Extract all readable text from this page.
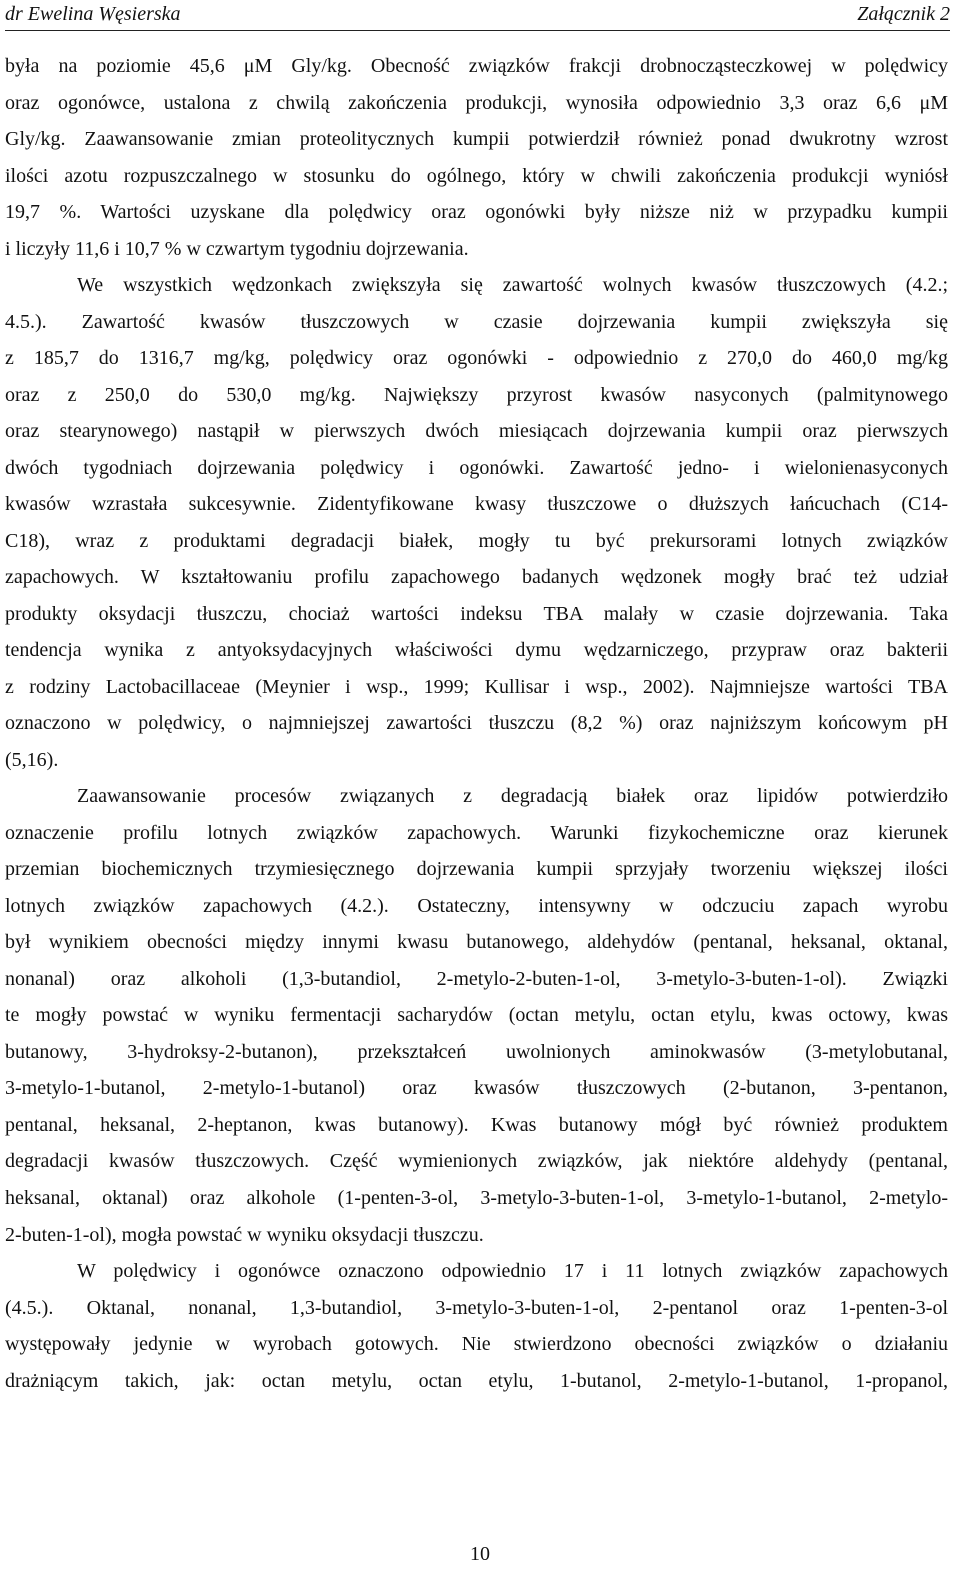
dr Ewelina Węsierska	Załącznik 2
była na poziomie 45,6 μM Gly/kg. Obecność związków frakcji drobnocząsteczkowej w polędwicy
oraz ogonówce, ustalona z chwilą zakończenia produkcji, wynosiła odpowiednio 3,3 oraz 6,6 μM
Gly/kg. Zaawansowanie zmian proteolitycznych kumpii potwierdził również ponad dwukrotny wzrost
ilości azotu rozpuszczalnego w stosunku do ogólnego, który w chwili zakończenia produkcji wyniósł
19,7 %. Wartości uzyskane dla polędwicy oraz ogonówki były niższe niż w przypadku kumpii
i liczyły 11,6 i 10,7 % w czwartym tygodniu dojrzewania.
We wszystkich wędzonkach zwiększyła się zawartość wolnych kwasów tłuszczowych (4.2.;
4.5.). Zawartość kwasów tłuszczowych w czasie dojrzewania kumpii zwiększyła się
z 185,7 do 1316,7 mg/kg, polędwicy oraz ogonówki - odpowiednio z 270,0 do 460,0 mg/kg
oraz z 250,0 do 530,0 mg/kg. Największy przyrost kwasów nasyconych (palmitynowego
oraz stearynowego) nastąpił w pierwszych dwóch miesiącach dojrzewania kumpii oraz pierwszych
dwóch tygodniach dojrzewania polędwicy i ogonówki. Zawartość jedno- i wielonienasyconych
kwasów wzrastała sukcesywnie. Zidentyfikowane kwasy tłuszczowe o dłuższych łańcuchach (C14-
C18), wraz z produktami degradacji białek, mogły tu być prekursorami lotnych związków
zapachowych. W kształtowaniu profilu zapachowego badanych wędzonek mogły brać też udział
produkty oksydacji tłuszczu, chociaż wartości indeksu TBA malały w czasie dojrzewania. Taka
tendencja wynika z antyoksydacyjnych właściwości dymu wędzarniczego, przypraw oraz bakterii
z rodziny Lactobacillaceae (Meynier i wsp., 1999; Kullisar i wsp., 2002). Najmniejsze wartości TBA
oznaczono w polędwicy, o najmniejszej zawartości tłuszczu (8,2 %) oraz najniższym końcowym pH
(5,16).
Zaawansowanie procesów związanych z degradacją białek oraz lipidów potwierdziło
oznaczenie profilu lotnych związków zapachowych. Warunki fizykochemiczne oraz kierunek
przemian biochemicznych trzymiesięcznego dojrzewania kumpii sprzyjały tworzeniu większej ilości
lotnych związków zapachowych (4.2.). Ostateczny, intensywny w odczuciu zapach wyrobu
był wynikiem obecności między innymi kwasu butanowego, aldehydów (pentanal, heksanal, oktanal,
nonanal) oraz alkoholi (1,3-butandiol, 2-metylo-2-buten-1-ol, 3-metylo-3-buten-1-ol). Związki
te mogły powstać w wyniku fermentacji sacharydów (octan metylu, octan etylu, kwas octowy, kwas
butanowy, 3-hydroksy-2-butanon), przekształceń uwolnionych aminokwasów (3-metylobutanal,
3-metylo-1-butanol, 2-metylo-1-butanol) oraz kwasów tłuszczowych (2-butanon, 3-pentanon,
pentanal, heksanal, 2-heptanon, kwas butanowy). Kwas butanowy mógł być również produktem
degradacji kwasów tłuszczowych. Część wymienionych związków, jak niektóre aldehydy (pentanal,
heksanal, oktanal) oraz alkohole (1-penten-3-ol, 3-metylo-3-buten-1-ol, 3-metylo-1-butanol, 2-metylo-
2-buten-1-ol), mogła powstać w wyniku oksydacji tłuszczu.
W polędwicy i ogonówce oznaczono odpowiednio 17 i 11 lotnych związków zapachowych
(4.5.). Oktanal, nonanal, 1,3-butandiol, 3-metylo-3-buten-1-ol, 2-pentanol oraz 1-penten-3-ol
występowały jedynie w wyrobach gotowych. Nie stwierdzono obecności związków o działaniu
drażniącym takich, jak: octan metylu, octan etylu, 1-butanol, 2-metylo-1-butanol, 1-propanol,
10
